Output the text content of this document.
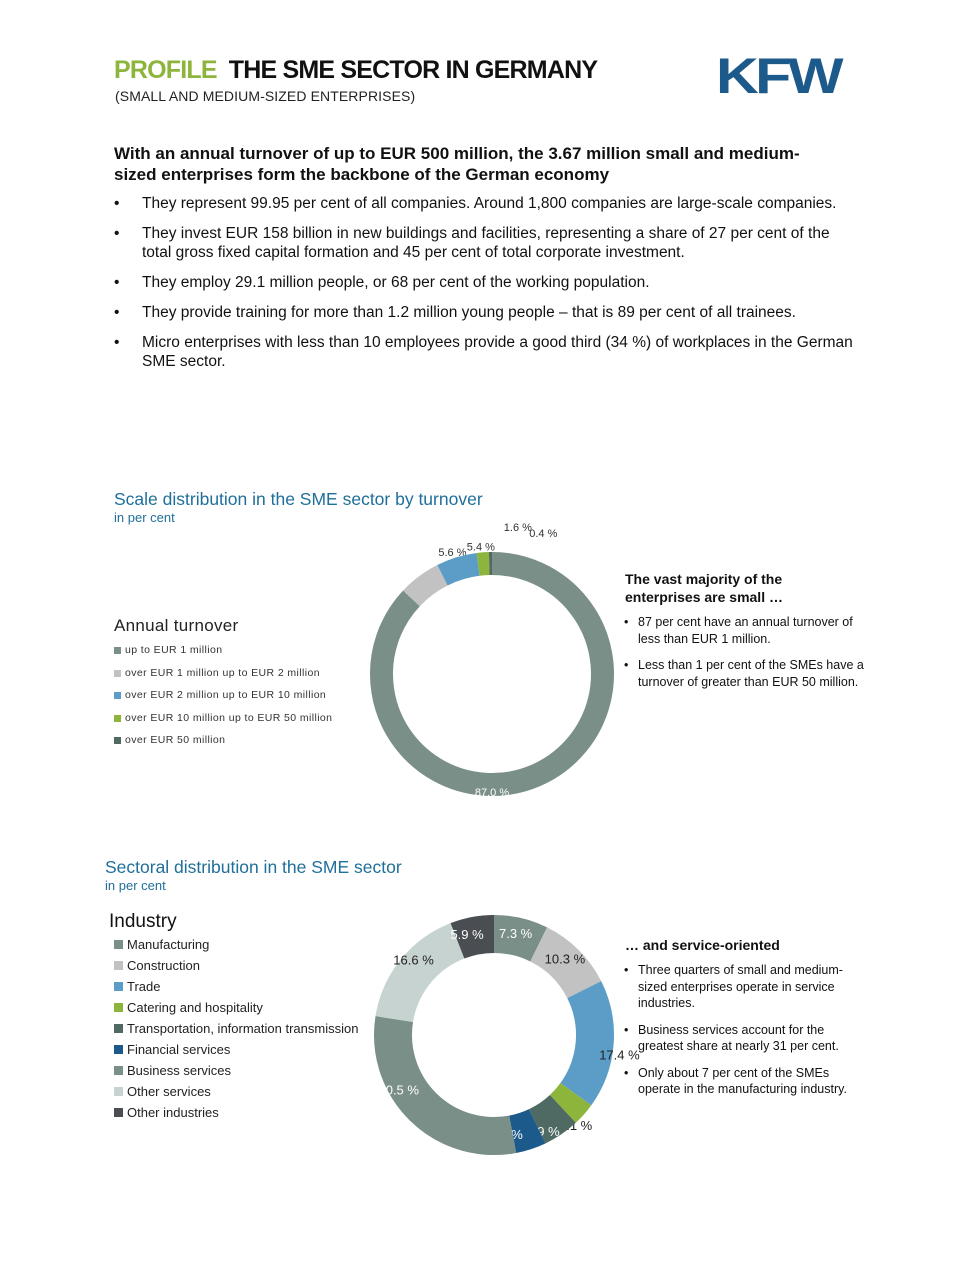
PROFILE THE SME SECTOR IN GERMANY
(SMALL AND MEDIUM-SIZED ENTERPRISES)	KFW
With an annual turnover of up to EUR 500 million, the 3.67 million small and medium-sized enterprises form the backbone of the German economy
• They represent 99.95 per cent of all companies. Around 1,800 companies are large-scale companies.
• They invest EUR 158 billion in new buildings and facilities, representing a share of 27 per cent of the total gross fixed capital formation and 45 per cent of total corporate investment.
• They employ 29.1 million people, or 68 per cent of the working population.
• They provide training for more than 1.2 million young people – that is 89 per cent of all trainees.
• Micro enterprises with less than 10 employees provide a good third (34 %) of workplaces in the German SME sector.
Scale distribution in the SME sector by turnover
in per cent
Annual turnover
up to EUR 1 million
over EUR 1 million up to EUR 2 million
over EUR 2 million up to EUR 10 million
over EUR 10 million up to EUR 50 million
over EUR 50 million
87.0 %
5.6 % 5.4 %
1.6 %
0.4 %
The vast majority of the enterprises are small …
• 87 per cent have an annual turnover of less than EUR 1 million.
• Less than 1 per cent of the SMEs have a turnover of greater than EUR 50 million.
Sectoral distribution in the SME sector
in per cent
Industry
Manufacturing
Construction
Trade
Catering and hospitality
Transportation, information transmission
Financial services
Business services
Other services
Other industries
7.3 %
10.3 %
17.4 %
3.1 %
4.9 %
4.1 %
30.5 %
16.6 %
5.9 %
… and service-oriented
• Three quarters of small and medium-sized enterprises operate in service industries.
• Business services account for the greatest share at nearly 31 per cent.
• Only about 7 per cent of the SMEs operate in the manufacturing industry.
